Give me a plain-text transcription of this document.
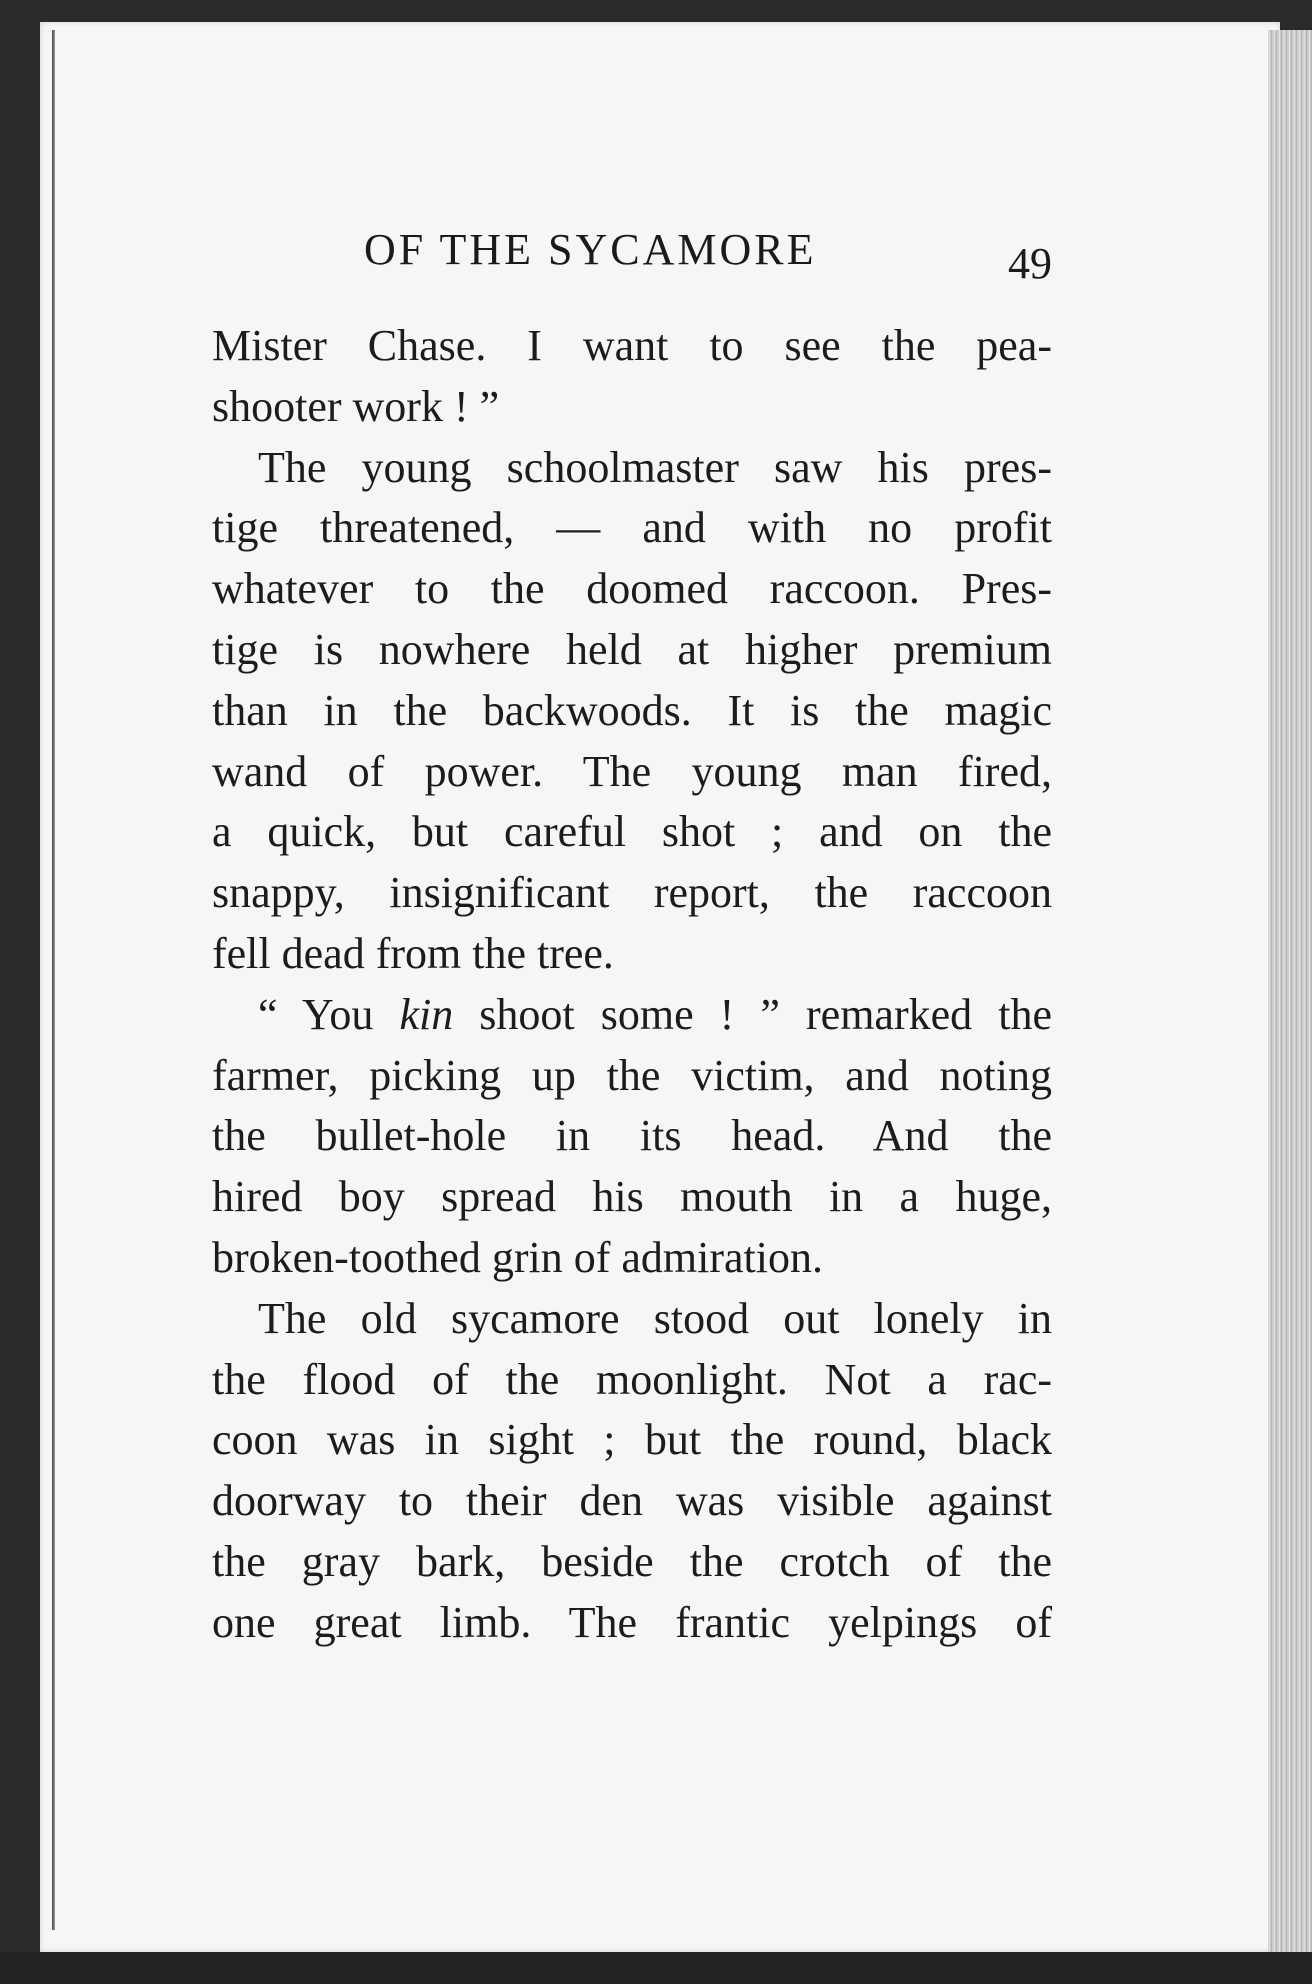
OF THE SYCAMORE	49

Mister Chase. I want to see the pea-
shooter work ! ”

The young schoolmaster saw his pres-
tige threatened, — and with no profit
whatever to the doomed raccoon. Pres-
tige is nowhere held at higher premium
than in the backwoods. It is the magic
wand of power. The young man fired,
a quick, but careful shot ; and on the
snappy, insignificant report, the raccoon
fell dead from the tree.

“ You kin shoot some ! ” remarked the
farmer, picking up the victim, and noting
the bullet-hole in its head. And the
hired boy spread his mouth in a huge,
broken-toothed grin of admiration.

The old sycamore stood out lonely in
the flood of the moonlight. Not a rac-
coon was in sight ; but the round, black
doorway to their den was visible against
the gray bark, beside the crotch of the
one great limb. The frantic yelpings of
